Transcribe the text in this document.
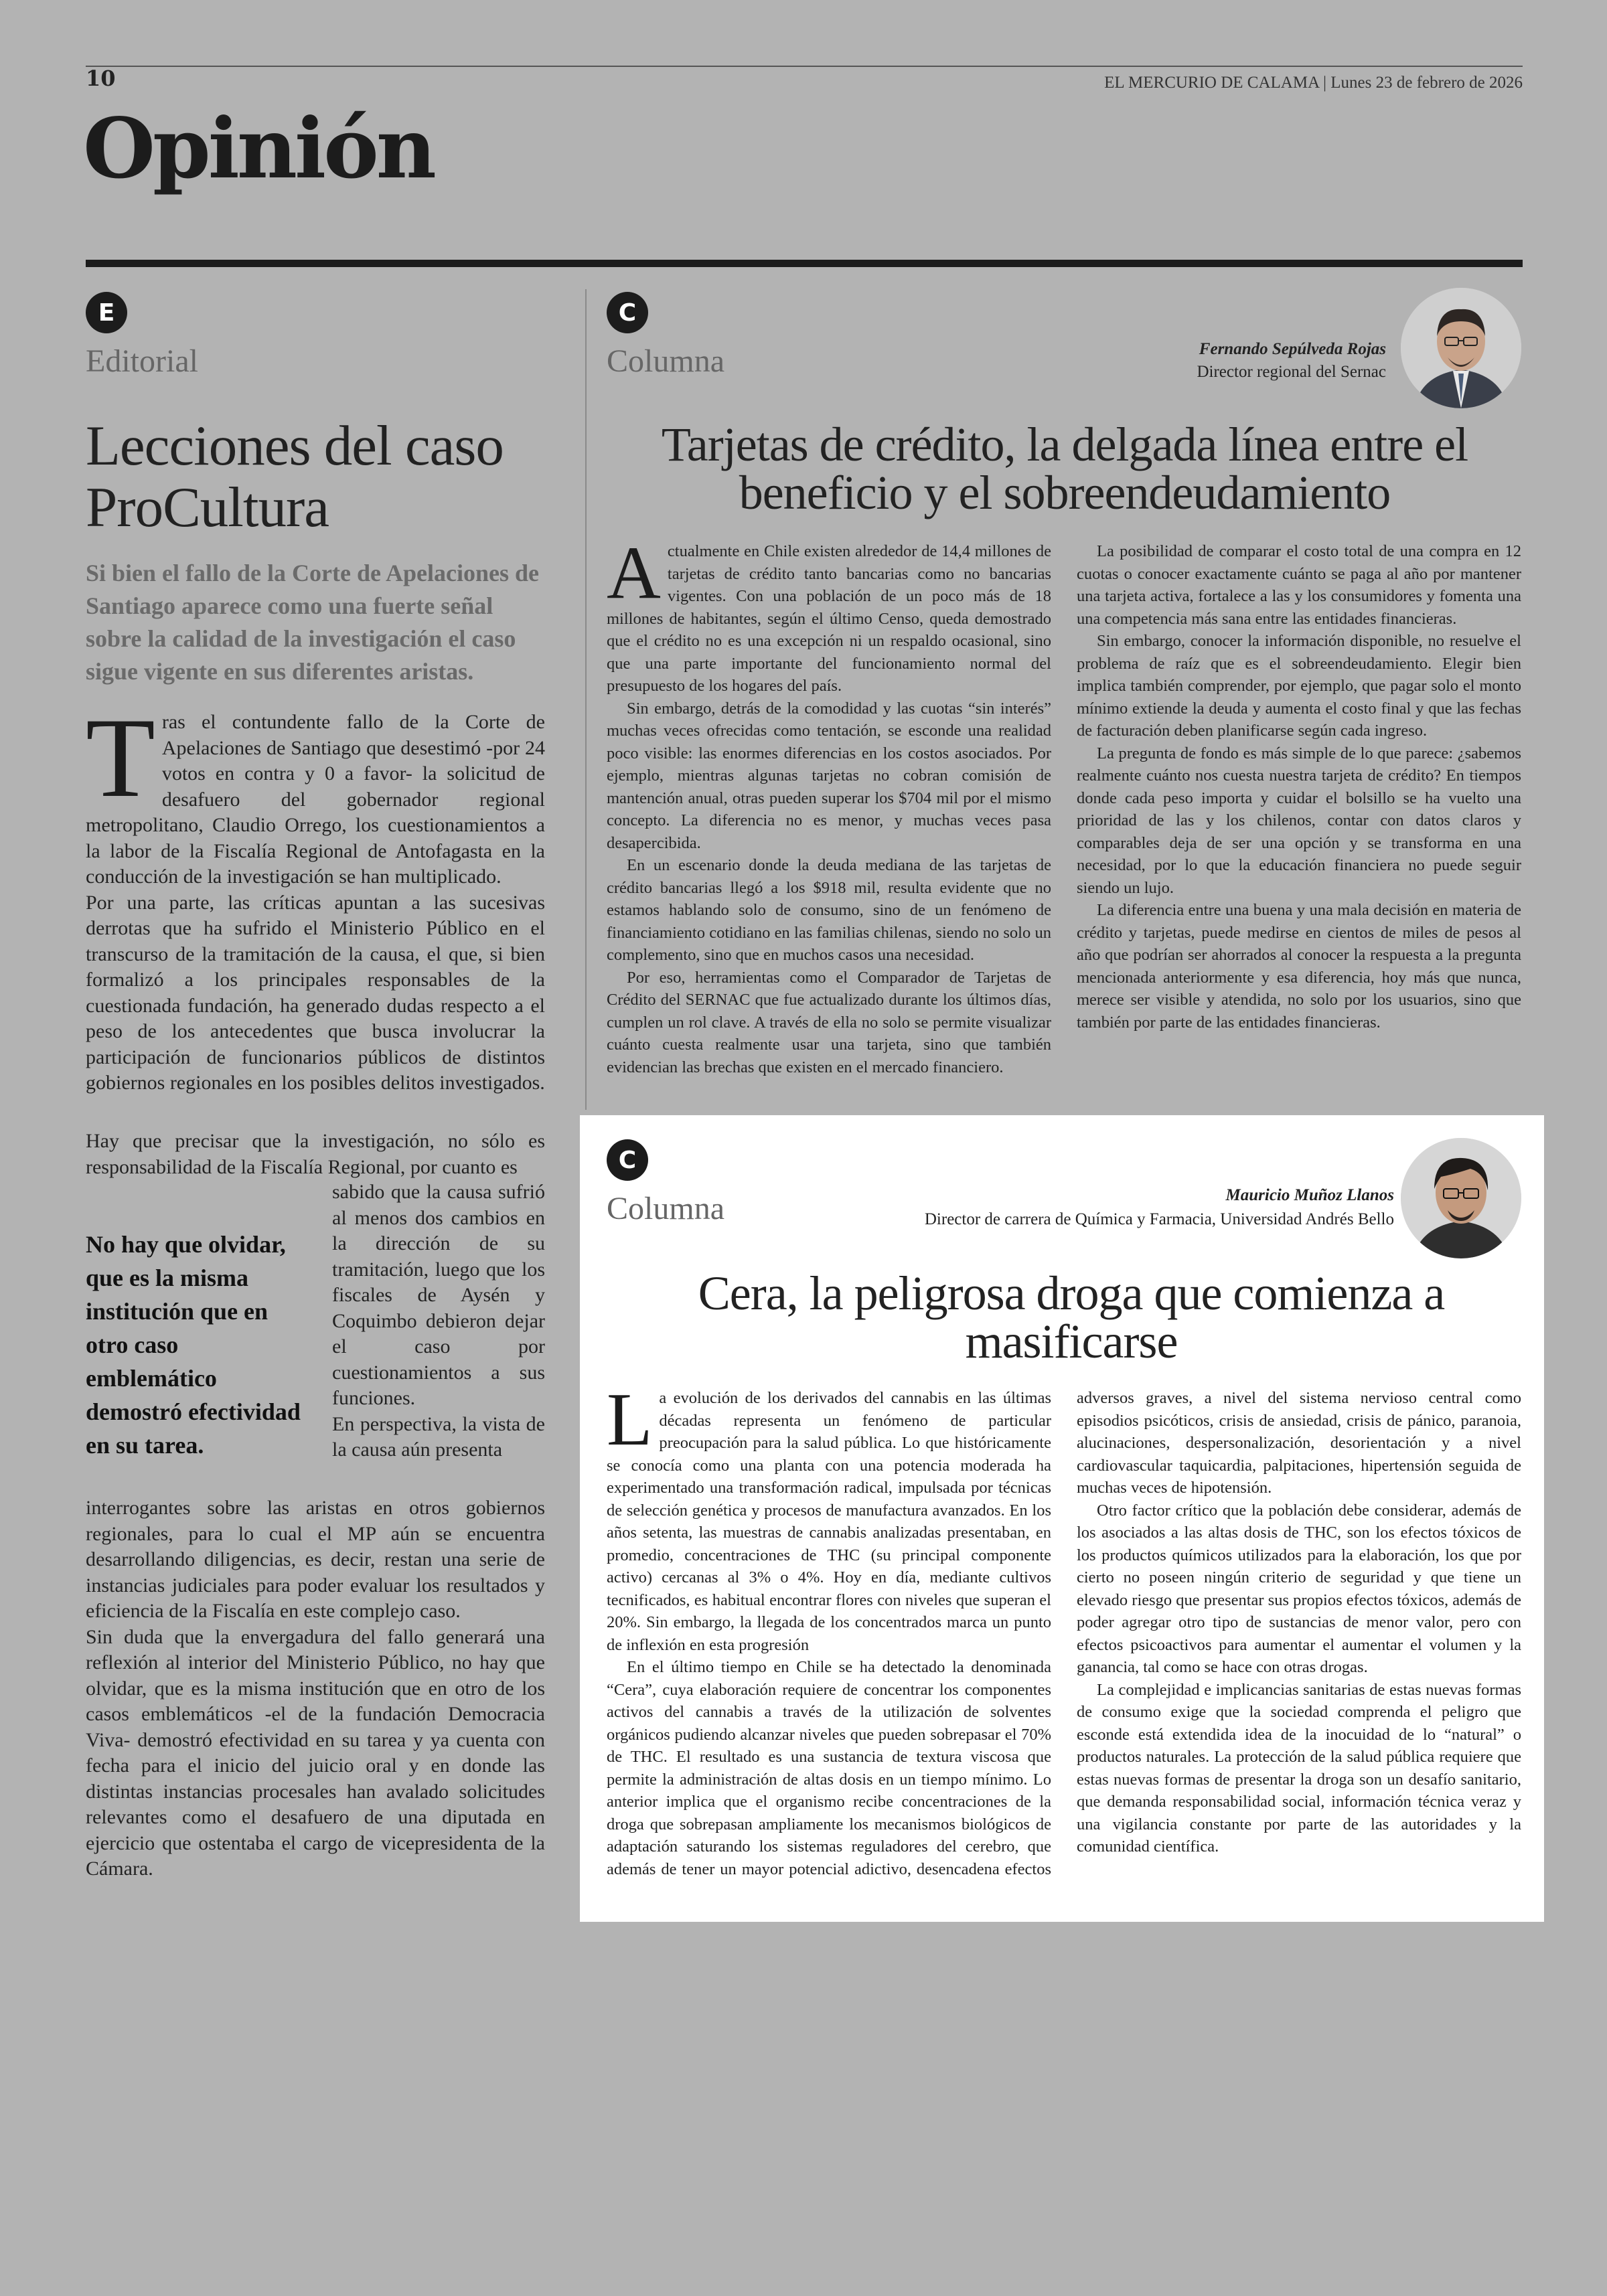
10	EL MERCURIO DE CALAMA | Lunes 23 de febrero de 2026
Opinión
E
Editorial
Lecciones del caso ProCultura
Si bien el fallo de la Corte de Apelaciones de Santiago aparece como una fuerte señal sobre la calidad de la investigación el caso sigue vigente en sus diferentes aristas.

Tras el contundente fallo de la Corte de Apelaciones de Santiago que desestimó -por 24 votos en contra y 0 a favor- la solicitud de desafuero del gobernador regional metropolitano, Claudio Orrego, los cuestionamientos a la labor de la Fiscalía Regional de Antofagasta en la conducción de la investigación se han multiplicado.

Por una parte, las críticas apuntan a las sucesivas derrotas que ha sufrido el Ministerio Público en el transcurso de la tramitación de la causa, el que, si bien formalizó a los principales responsables de la cuestionada fundación, ha generado dudas respecto a el peso de los antecedentes que busca involucrar la participación de funcionarios públicos de distintos gobiernos regionales en los posibles delitos investigados.

Hay que precisar que la investigación, no sólo es responsabilidad de la Fiscalía Regional, por cuanto es

No hay que olvidar, que es la misma institución que en otro caso emblemático demostró efectividad en su tarea.

sabido que la causa sufrió al menos dos cambios en la dirección de su tramitación, luego que los fiscales de Aysén y Coquimbo debieron dejar el caso por cuestionamientos a sus funciones.

En perspectiva, la vista de la causa aún presenta

interrogantes sobre las aristas en otros gobiernos regionales, para lo cual el MP aún se encuentra desarrollando diligencias, es decir, restan una serie de instancias judiciales para poder evaluar los resultados y eficiencia de la Fiscalía en este complejo caso.

Sin duda que la envergadura del fallo generará una reflexión al interior del Ministerio Público, no hay que olvidar, que es la misma institución que en otro de los casos emblemáticos -el de la fundación Democracia Viva- demostró efectividad en su tarea y ya cuenta con fecha para el inicio del juicio oral y en donde las distintas instancias procesales han avalado solicitudes relevantes como el desafuero de una diputada en ejercicio que ostentaba el cargo de vicepresidenta de la Cámara.

C
Columna	Fernando Sepúlveda Rojas
Director regional del Sernac
Tarjetas de crédito, la delgada línea entre el beneficio y el sobreendeudamiento

Actualmente en Chile existen alrededor de 14,4 millones de tarjetas de crédito tanto bancarias como no bancarias vigentes. Con una población de un poco más de 18 millones de habitantes, según el último Censo, queda demostrado que el crédito no es una excepción ni un respaldo ocasional, sino que una parte importante del funcionamiento normal del presupuesto de los hogares del país.

Sin embargo, detrás de la comodidad y las cuotas “sin interés” muchas veces ofrecidas como tentación, se esconde una realidad poco visible: las enormes diferencias en los costos asociados. Por ejemplo, mientras algunas tarjetas no cobran comisión de mantención anual, otras pueden superar los $704 mil por el mismo concepto. La diferencia no es menor, y muchas veces pasa desapercibida.

En un escenario donde la deuda mediana de las tarjetas de crédito bancarias llegó a los $918 mil, resulta evidente que no estamos hablando solo de consumo, sino de un fenómeno de financiamiento cotidiano en las familias chilenas, siendo no solo un complemento, sino que en muchos casos una necesidad.

Por eso, herramientas como el Comparador de Tarjetas de Crédito del SERNAC que fue actualizado durante los últimos días, cumplen un rol clave. A través de ella no solo se permite visualizar cuánto cuesta realmente usar una tarjeta, sino que también evidencian las brechas que existen en el mercado financiero.

La posibilidad de comparar el costo total de una compra en 12 cuotas o conocer exactamente cuánto se paga al año por mantener una tarjeta activa, fortalece a las y los consumidores y fomenta una una competencia más sana entre las entidades financieras.

Sin embargo, conocer la información disponible, no resuelve el problema de raíz que es el sobreendeudamiento. Elegir bien implica también comprender, por ejemplo, que pagar solo el monto mínimo extiende la deuda y aumenta el costo final y que las fechas de facturación deben planificarse según cada ingreso.

La pregunta de fondo es más simple de lo que parece: ¿sabemos realmente cuánto nos cuesta nuestra tarjeta de crédito? En tiempos donde cada peso importa y cuidar el bolsillo se ha vuelto una prioridad de las y los chilenos, contar con datos claros y comparables deja de ser una opción y se transforma en una necesidad, por lo que la educación financiera no puede seguir siendo un lujo.

La diferencia entre una buena y una mala decisión en materia de crédito y tarjetas, puede medirse en cientos de miles de pesos al año que podrían ser ahorrados al conocer la respuesta a la pregunta mencionada anteriormente y esa diferencia, hoy más que nunca, merece ser visible y atendida, no solo por los usuarios, sino que también por parte de las entidades financieras.

C
Columna	Mauricio Muñoz Llanos
Director de carrera de Química y Farmacia, Universidad Andrés Bello
Cera, la peligrosa droga que comienza a masificarse

La evolución de los derivados del cannabis en las últimas décadas representa un fenómeno de particular preocupación para la salud pública. Lo que históricamente se conocía como una planta con una potencia moderada ha experimentado una transformación radical, impulsada por técnicas de selección genética y procesos de manufactura avanzados. En los años setenta, las muestras de cannabis analizadas presentaban, en promedio, concentraciones de THC (su principal componente activo) cercanas al 3% o 4%. Hoy en día, mediante cultivos tecnificados, es habitual encontrar flores con niveles que superan el 20%. Sin embargo, la llegada de los concentrados marca un punto de inflexión en esta progresión

En el último tiempo en Chile se ha detectado la denominada “Cera”, cuya elaboración requiere de concentrar los componentes activos del cannabis a través de la utilización de solventes orgánicos pudiendo alcanzar niveles que pueden sobrepasar el 70% de THC. El resultado es una sustancia de textura viscosa que permite la administración de altas dosis en un tiempo mínimo. Lo anterior implica que el organismo recibe concentraciones de la droga que sobrepasan ampliamente los mecanismos biológicos de adaptación saturando los sistemas reguladores del cerebro, que además de tener un mayor potencial adictivo, desencadena efectos adversos graves, a nivel del sistema nervioso central como episodios psicóticos, crisis de ansiedad, crisis de pánico, paranoia, alucinaciones, despersonalización, desorientación y a nivel cardiovascular taquicardia, palpitaciones, hipertensión seguida de muchas veces de hipotensión.

Otro factor crítico que la población debe considerar, además de los asociados a las altas dosis de THC, son los efectos tóxicos de los productos químicos utilizados para la elaboración, los que por cierto no poseen ningún criterio de seguridad y que tiene un elevado riesgo que presentar sus propios efectos tóxicos, además de poder agregar otro tipo de sustancias de menor valor, pero con efectos psicoactivos para aumentar el aumentar el volumen y la ganancia, tal como se hace con otras drogas.

La complejidad e implicancias sanitarias de estas nuevas formas de consumo exige que la sociedad comprenda el peligro que esconde está extendida idea de la inocuidad de lo “natural” o productos naturales. La protección de la salud pública requiere que estas nuevas formas de presentar la droga son un desafío sanitario, que demanda responsabilidad social, información técnica veraz y una vigilancia constante por parte de las autoridades y la comunidad científica.
